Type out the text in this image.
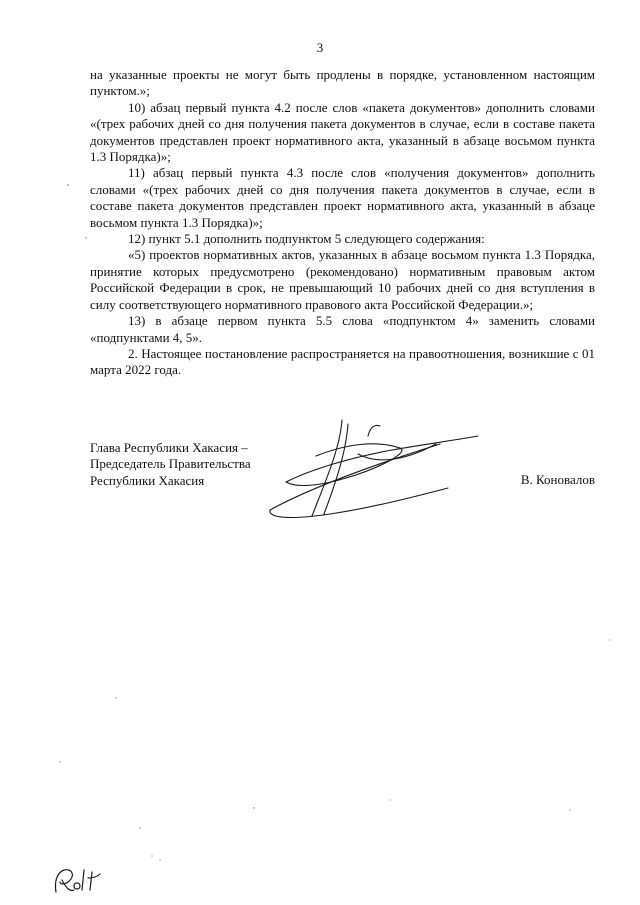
3

на указанные проекты не могут быть продлены в порядке, установленном настоящим пунктом.»;

10) абзац первый пункта 4.2 после слов «пакета документов» дополнить словами «(трех рабочих дней со дня получения пакета документов в случае, если в составе пакета документов представлен проект нормативного акта, указанный в абзаце восьмом пункта 1.3 Порядка)»;

11) абзац первый пункта 4.3 после слов «получения документов» дополнить словами «(трех рабочих дней со дня получения пакета документов в случае, если в составе пакета документов представлен проект нормативного акта, указанный в абзаце восьмом пункта 1.3 Порядка)»;

12) пункт 5.1 дополнить подпунктом 5 следующего содержания:

«5) проектов нормативных актов, указанных в абзаце восьмом пункта 1.3 Порядка, принятие которых предусмотрено (рекомендовано) нормативным правовым актом Российской Федерации в срок, не превышающий 10 рабочих дней со дня вступления в силу соответствующего нормативного правового акта Российской Федерации.»;

13) в абзаце первом пункта 5.5 слова «подпунктом 4» заменить словами «подпунктами 4, 5».

2. Настоящее постановление распространяется на правоотношения, возникшие с 01 марта 2022 года.

Глава Республики Хакасия –
Председатель Правительства
Республики Хакасия	В. Коновалов
